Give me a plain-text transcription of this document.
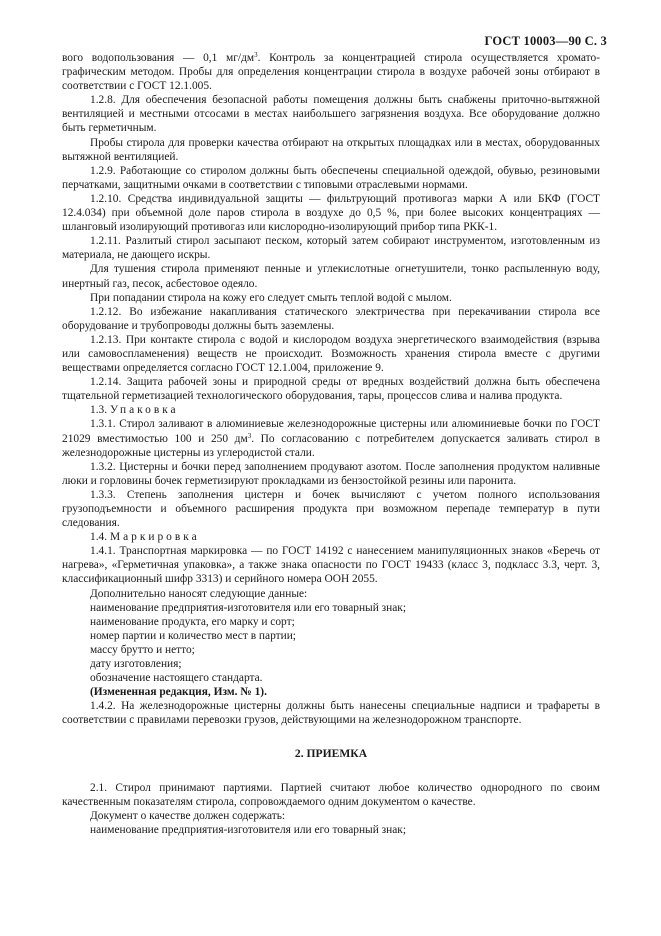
ГОСТ 10003—90 С. 3

вого водопользования — 0,1 $мг/дм^3$. Контроль за концентрацией стирола осуществляется хромато-графическим методом. Пробы для определения концентрации стирола в воздухе рабочей зоны отбирают в соответствии с ГОСТ 12.1.005.

1.2.8. Для обеспечения безопасной работы помещения должны быть снабжены приточно-вытяжной вентиляцией и местными отсосами в местах наибольшего загрязнения воздуха. Все оборудование должно быть герметичным.

Пробы стирола для проверки качества отбирают на открытых площадках или в местах, оборудованных вытяжной вентиляцией.

1.2.9. Работающие со стиролом должны быть обеспечены специальной одеждой, обувью, резиновыми перчатками, защитными очками в соответствии с типовыми отраслевыми нормами.

1.2.10. Средства индивидуальной защиты — фильтрующий противогаз марки А или БКФ (ГОСТ 12.4.034) при объемной доле паров стирола в воздухе до 0,5 %, при более высоких концентрациях — шланговый изолирующий противогаз или кислородно-изолирующий прибор типа РКК-1.

1.2.11. Разлитый стирол засыпают песком, который затем собирают инструментом, изготовленным из материала, не дающего искры.

Для тушения стирола применяют пенные и углекислотные огнетушители, тонко распыленную воду, инертный газ, песок, асбестовое одеяло.

При попадании стирола на кожу его следует смыть теплой водой с мылом.

1.2.12. Во избежание накапливания статического электричества при перекачивании стирола все оборудование и трубопроводы должны быть заземлены.

1.2.13. При контакте стирола с водой и кислородом воздуха энергетического взаимодействия (взрыва или самовоспламенения) веществ не происходит. Возможность хранения стирола вместе с другими веществами определяется согласно ГОСТ 12.1.004, приложение 9.

1.2.14. Защита рабочей зоны и природной среды от вредных воздействий должна быть обеспечена тщательной герметизацией технологического оборудования, тары, процессов слива и налива продукта.

1.3. Упаковка

1.3.1. Стирол заливают в алюминиевые железнодорожные цистерны или алюминиевые бочки по ГОСТ 21029 вместимостью 100 и 250 $дм^3$. По согласованию с потребителем допускается заливать стирол в железнодорожные цистерны из углеродистой стали.

1.3.2. Цистерны и бочки перед заполнением продувают азотом. После заполнения продуктом наливные люки и горловины бочек герметизируют прокладками из бензостойкой резины или паронита.

1.3.3. Степень заполнения цистерн и бочек вычисляют с учетом полного использования грузоподъемности и объемного расширения продукта при возможном перепаде температур в пути следования.

1.4. Маркировка

1.4.1. Транспортная маркировка — по ГОСТ 14192 с нанесением манипуляционных знаков «Беречь от нагрева», «Герметичная упаковка», а также знака опасности по ГОСТ 19433 (класс 3, подкласс 3.3, черт. 3, классификационный шифр 3313) и серийного номера ООН 2055.

Дополнительно наносят следующие данные:

наименование предприятия-изготовителя или его товарный знак;

наименование продукта, его марку и сорт;

номер партии и количество мест в партии;

массу брутто и нетто;

дату изготовления;

обозначение настоящего стандарта.

(Измененная редакция, Изм. № 1).

1.4.2. На железнодорожные цистерны должны быть нанесены специальные надписи и трафареты в соответствии с правилами перевозки грузов, действующими на железнодорожном транспорте.

2. ПРИЕМКА

2.1. Стирол принимают партиями. Партией считают любое количество однородного по своим качественным показателям стирола, сопровождаемого одним документом о качестве.

Документ о качестве должен содержать:

наименование предприятия-изготовителя или его товарный знак;
